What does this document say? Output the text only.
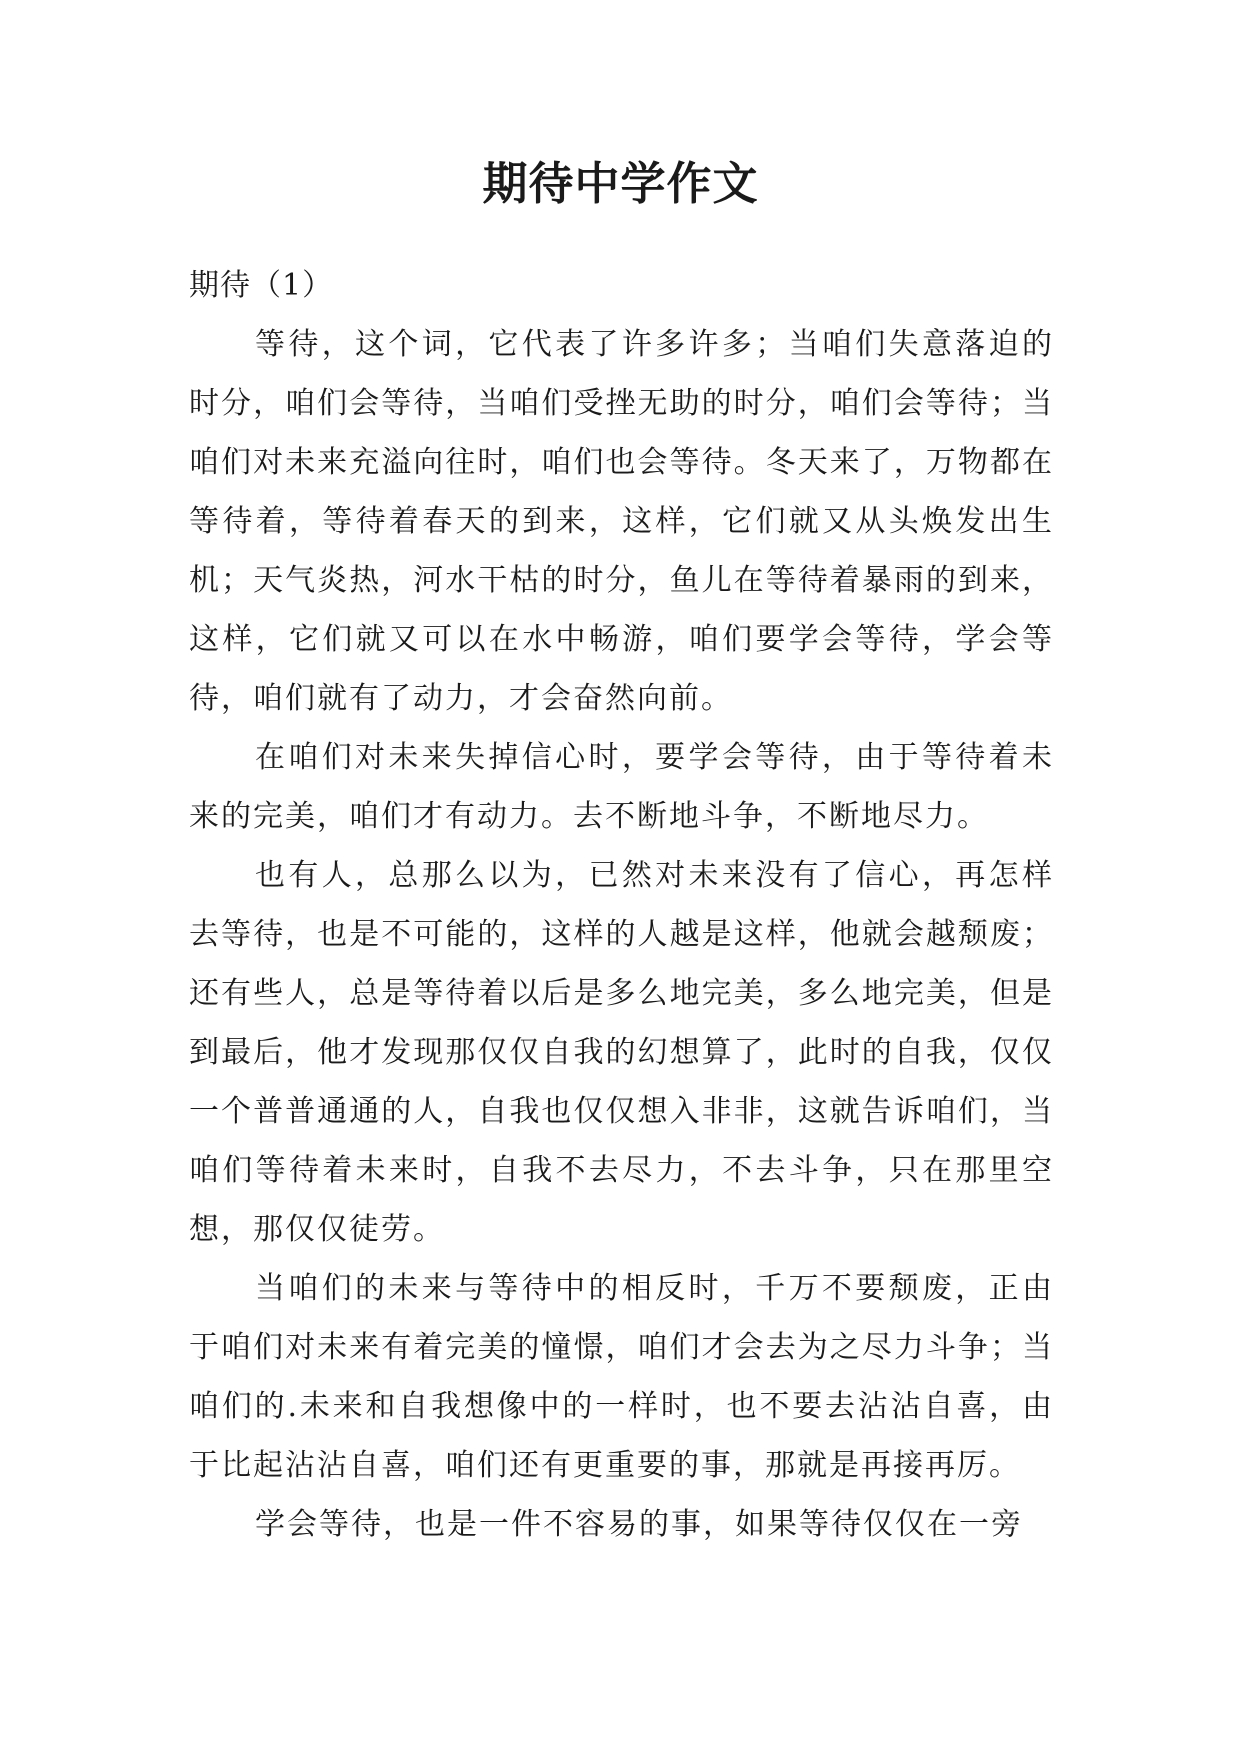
期待中学作文
期待（1）

等待，这个词，它代表了许多许多；当咱们失意落迫的时分，咱们会等待，当咱们受挫无助的时分，咱们会等待；当咱们对未来充溢向往时，咱们也会等待。冬天来了，万物都在等待着，等待着春天的到来，这样，它们就又从头焕发出生机；天气炎热，河水干枯的时分，鱼儿在等待着暴雨的到来，这样，它们就又可以在水中畅游，咱们要学会等待，学会等待，咱们就有了动力，才会奋然向前。

在咱们对未来失掉信心时，要学会等待，由于等待着未来的完美，咱们才有动力。去不断地斗争，不断地尽力。

也有人，总那么以为，已然对未来没有了信心，再怎样去等待，也是不可能的，这样的人越是这样，他就会越颓废；还有些人，总是等待着以后是多么地完美，多么地完美，但是到最后，他才发现那仅仅自我的幻想算了，此时的自我，仅仅一个普普通通的人，自我也仅仅想入非非，这就告诉咱们，当咱们等待着未来时，自我不去尽力，不去斗争，只在那里空想，那仅仅徒劳。

当咱们的未来与等待中的相反时，千万不要颓废，正由于咱们对未来有着完美的憧憬，咱们才会去为之尽力斗争；当咱们的.未来和自我想像中的一样时，也不要去沾沾自喜，由于比起沾沾自喜，咱们还有更重要的事，那就是再接再厉。

学会等待，也是一件不容易的事，如果等待仅仅在一旁
